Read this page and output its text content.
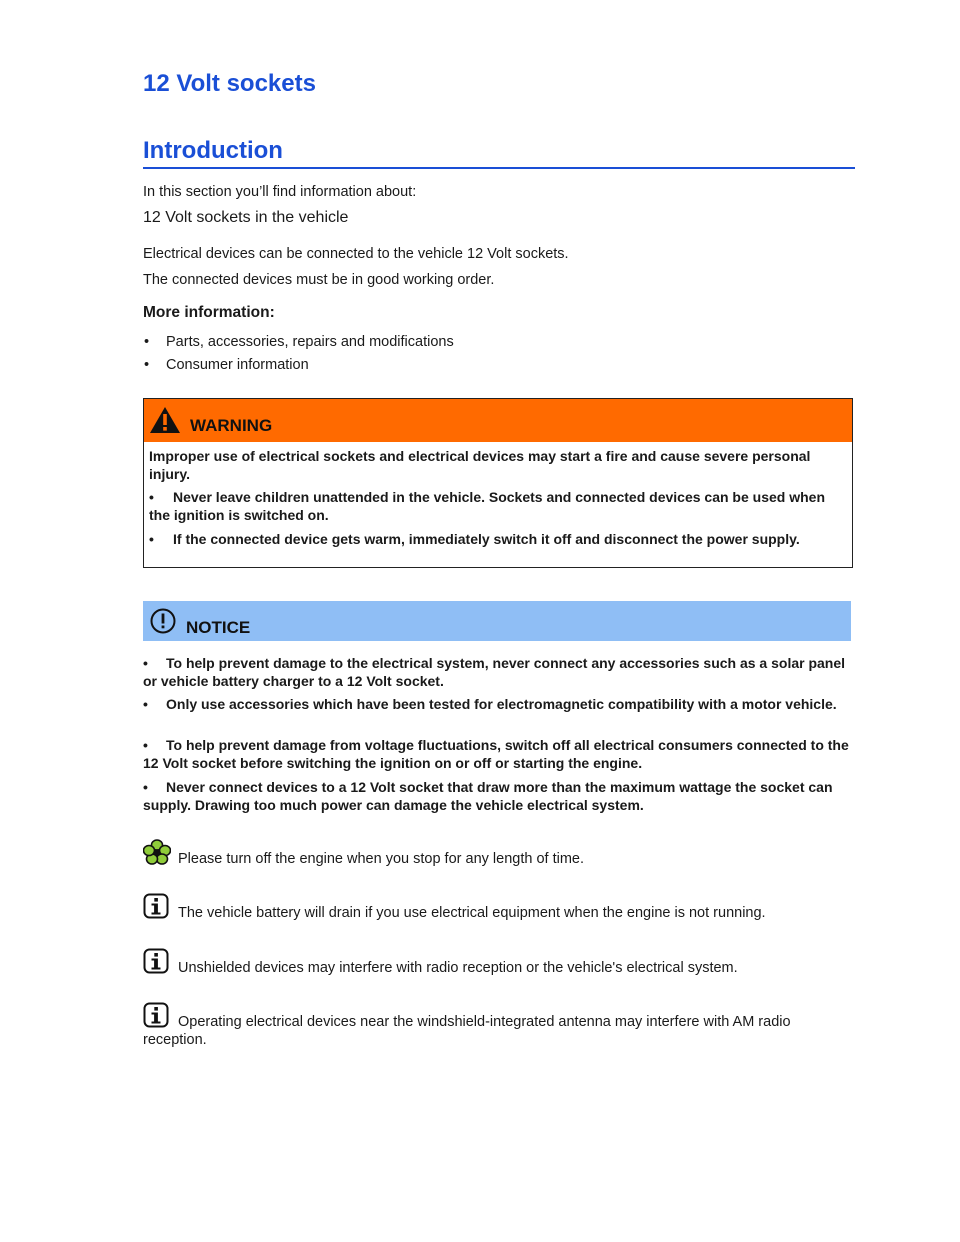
12 Volt sockets
Introduction

In this section you’ll find information about:

12 Volt sockets in the vehicle

Electrical devices can be connected to the vehicle 12 Volt sockets.

The connected devices must be in good working order.

More information:

• Parts, accessories, repairs and modifications
• Consumer information
WARNING
Improper use of electrical sockets and electrical devices may start a fire and cause severe personal injury.
• Never leave children unattended in the vehicle. Sockets and connected devices can be used when the ignition is switched on.
• If the connected device gets warm, immediately switch it off and disconnect the power supply.
NOTICE
• To help prevent damage to the electrical system, never connect any accessories such as a solar panel or vehicle battery charger to a 12 Volt socket.
• Only use accessories which have been tested for electromagnetic compatibility with a motor vehicle.
• To help prevent damage from voltage fluctuations, switch off all electrical consumers connected to the 12 Volt socket before switching the ignition on or off or starting the engine.
• Never connect devices to a 12 Volt socket that draw more than the maximum wattage the socket can supply. Drawing too much power can damage the vehicle electrical system.
Please turn off the engine when you stop for any length of time.
The vehicle battery will drain if you use electrical equipment when the engine is not running.
Unshielded devices may interfere with radio reception or the vehicle's electrical system.
Operating electrical devices near the windshield-integrated antenna may interfere with AM radio reception.
